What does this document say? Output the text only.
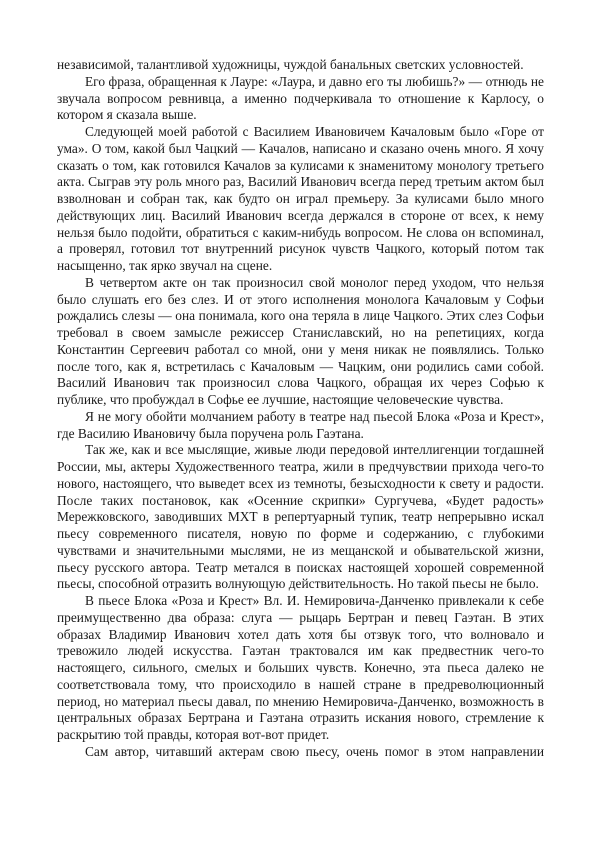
независимой, талантливой художницы, чуждой банальных светских условностей.

Его фраза, обращенная к Лауре: «Лаура, и давно его ты любишь?» — отнюдь не звучала вопросом ревнивца, а именно подчеркивала то отношение к Карлосу, о котором я сказала выше.

Следующей моей работой с Василием Ивановичем Качаловым было «Горе от ума». О том, какой был Чацкий — Качалов, написано и сказано очень много. Я хочу сказать о том, как готовился Качалов за кулисами к знаменитому монологу третьего акта. Сыграв эту роль много раз, Василий Иванович всегда перед третьим актом был взволнован и собран так, как будто он играл премьеру. За кулисами было много действующих лиц. Василий Иванович всегда держался в стороне от всех, к нему нельзя было подойти, обратиться с каким-нибудь вопросом. Не слова он вспоминал, а проверял, готовил тот внутренний рисунок чувств Чацкого, который потом так насыщенно, так ярко звучал на сцене.

В четвертом акте он так произносил свой монолог перед уходом, что нельзя было слушать его без слез. И от этого исполнения монолога Качаловым у Софьи рождались слезы — она понимала, кого она теряла в лице Чацкого. Этих слез Софьи требовал в своем замысле режиссер Станиславский, но на репетициях, когда Константин Сергеевич работал со мной, они у меня никак не появлялись. Только после того, как я, встретилась с Качаловым — Чацким, они родились сами собой. Василий Иванович так произносил слова Чацкого, обращая их через Софью к публике, что пробуждал в Софье ее лучшие, настоящие человеческие чувства.

Я не могу обойти молчанием работу в театре над пьесой Блока «Роза и Крест», где Василию Ивановичу была поручена роль Гаэтана.

Так же, как и все мыслящие, живые люди передовой интеллигенции тогдашней России, мы, актеры Художественного театра, жили в предчувствии прихода чего-то нового, настоящего, что выведет всех из темноты, безысходности к свету и радости. После таких постановок, как «Осенние скрипки» Сургучева, «Будет радость» Мережковского, заводивших МХТ в репертуарный тупик, театр непрерывно искал пьесу современного писателя, новую по форме и содержанию, с глубокими чувствами и значительными мыслями, не из мещанской и обывательской жизни, пьесу русского автора. Театр метался в поисках настоящей хорошей современной пьесы, способной отразить волнующую действительность. Но такой пьесы не было.

В пьесе Блока «Роза и Крест» Вл. И. Немировича-Данченко привлекали к себе преимущественно два образа: слуга — рыцарь Бертран и певец Гаэтан. В этих образах Владимир Иванович хотел дать хотя бы отзвук того, что волновало и тревожило людей искусства. Гаэтан трактовался им как предвестник чего-то настоящего, сильного, смелых и больших чувств. Конечно, эта пьеса далеко не соответствовала тому, что происходило в нашей стране в предреволюционный период, но материал пьесы давал, по мнению Немировича-Данченко, возможность в центральных образах Бертрана и Гаэтана отразить искания нового, стремление к раскрытию той правды, которая вот-вот придет.

Сам автор, читавший актерам свою пьесу, очень помог в этом направлении
